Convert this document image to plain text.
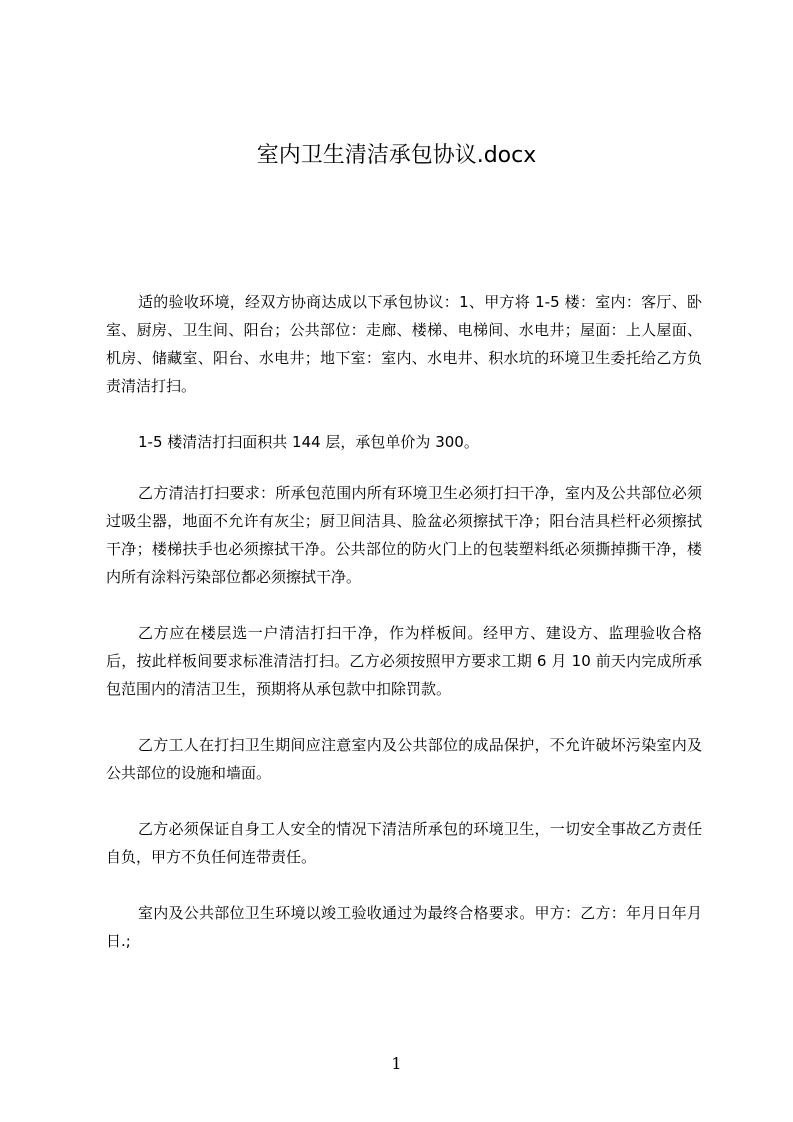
室内卫生清洁承包协议.docx

适的验收环境，经双方协商达成以下承包协议：1、甲方将 1-5 楼：室内：客厅、卧室、厨房、卫生间、阳台；公共部位：走廊、楼梯、电梯间、水电井；屋面：上人屋面、机房、储藏室、阳台、水电井；地下室：室内、水电井、积水坑的环境卫生委托给乙方负责清洁打扫。

1-5 楼清洁打扫面积共 144 层，承包单价为 300。

乙方清洁打扫要求：所承包范围内所有环境卫生必须打扫干净，室内及公共部位必须过吸尘器，地面不允许有灰尘；厨卫间洁具、脸盆必须擦拭干净；阳台洁具栏杆必须擦拭干净；楼梯扶手也必须擦拭干净。公共部位的防火门上的包装塑料纸必须撕掉撕干净，楼内所有涂料污染部位都必须擦拭干净。

乙方应在楼层选一户清洁打扫干净，作为样板间。经甲方、建设方、监理验收合格后，按此样板间要求标准清洁打扫。乙方必须按照甲方要求工期 6 月 10 前天内完成所承包范围内的清洁卫生，预期将从承包款中扣除罚款。

乙方工人在打扫卫生期间应注意室内及公共部位的成品保护，不允许破坏污染室内及公共部位的设施和墙面。

乙方必须保证自身工人安全的情况下清洁所承包的环境卫生，一切安全事故乙方责任自负，甲方不负任何连带责任。

室内及公共部位卫生环境以竣工验收通过为最终合格要求。甲方：乙方：年月日年月日.;

1
